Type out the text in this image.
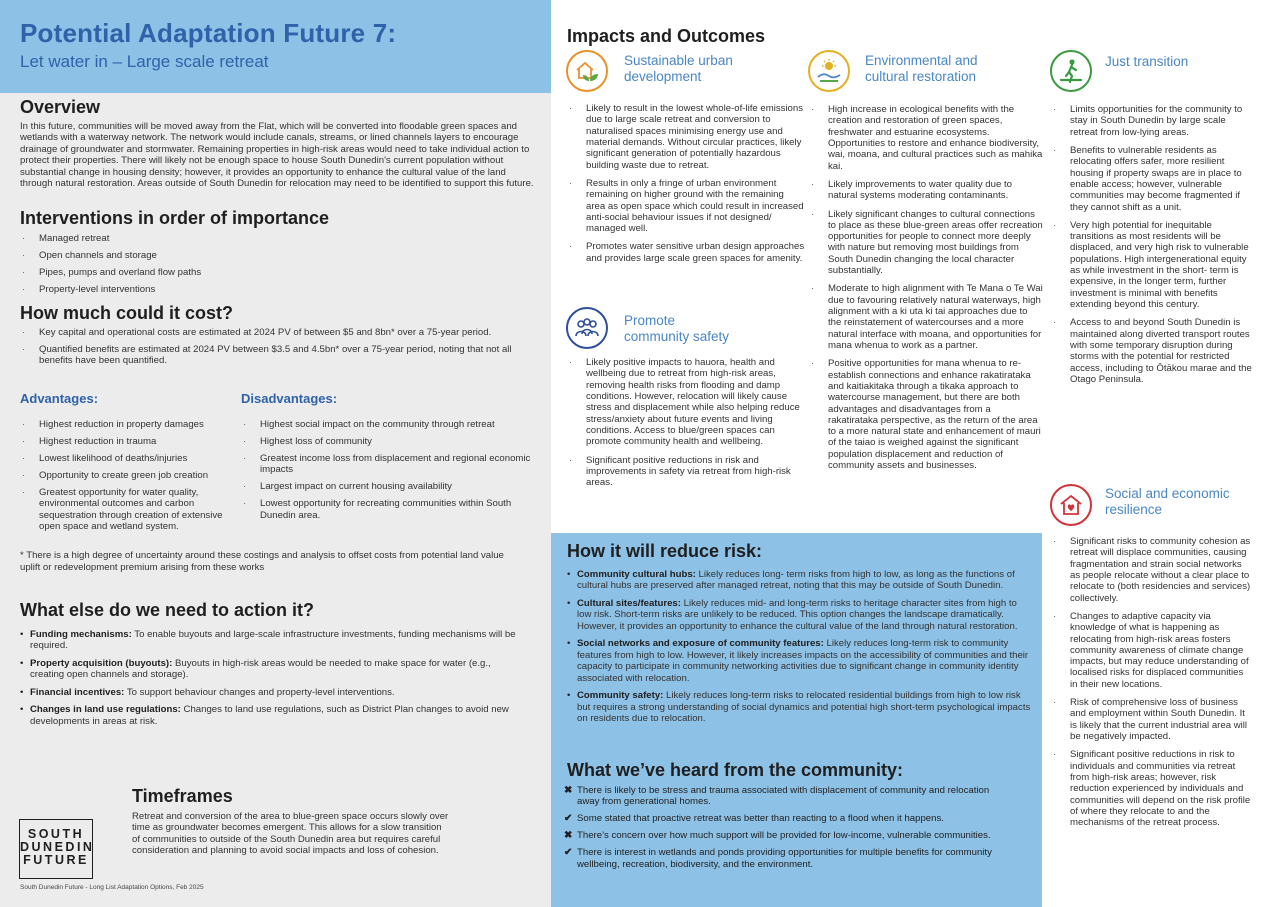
Potential Adaptation Future 7:
Let water in – Large scale retreat
Overview
In this future, communities will be moved away from the Flat, which will be converted into floodable green spaces and wetlands with a waterway network. The network would include canals, streams, or lined channels layers to encourage drainage of groundwater and stormwater. Remaining properties in high-risk areas would need to take individual action to protect their properties. There will likely not be enough space to house South Dunedin's current population without substantial change in housing density; however, it provides an opportunity to enhance the cultural value of the land through natural restoration. Areas outside of South Dunedin for relocation may need to be identified to support this future.
Interventions in order of importance
· Managed retreat
· Open channels and storage
· Pipes, pumps and overland flow paths
· Property-level interventions
How much could it cost?
· Key capital and operational costs are estimated at 2024 PV of between $5 and 8bn* over a 75-year period.
· Quantified benefits are estimated at 2024 PV between $3.5 and 4.5bn* over a 75-year period, noting that not all benefits have been quantified.
Advantages:
· Highest reduction in property damages
· Highest reduction in trauma
· Lowest likelihood of deaths/injuries
· Opportunity to create green job creation
· Greatest opportunity for water quality, environmental outcomes and carbon sequestration through creation of extensive open space and wetland system.
Disadvantages:
· Highest social impact on the community through retreat
· Highest loss of community
· Greatest income loss from displacement and regional economic impacts
· Largest impact on current housing availability
· Lowest opportunity for recreating communities within South Dunedin area.
* There is a high degree of uncertainty around these costings and analysis to offset costs from potential land value uplift or redevelopment premium arising from these works
What else do we need to action it?
• Funding mechanisms: To enable buyouts and large-scale infrastructure investments, funding mechanisms will be required.
• Property acquisition (buyouts): Buyouts in high-risk areas would be needed to make space for water (e.g., creating open channels and storage).
• Financial incentives: To support behaviour changes and property-level interventions.
• Changes in land use regulations: Changes to land use regulations, such as District Plan changes to avoid new developments in areas at risk.
Timeframes
Retreat and conversion of the area to blue-green space occurs slowly over time as groundwater becomes emergent. This allows for a slow transition of communities to outside of the South Dunedin area but requires careful consideration and planning to avoid social impacts and loss of cohesion.
SOUTH
DUNEDIN
FUTURE
South Dunedin Future - Long List Adaptation Options, Feb 2025
Impacts and Outcomes
Sustainable urban
development
· Likely to result in the lowest whole-of-life emissions due to large scale retreat and conversion to naturalised spaces minimising energy use and material demands. Without circular practices, likely significant generation of potentially hazardous building waste due to retreat.
· Results in only a fringe of urban environment remaining on higher ground with the remaining area as open space which could result in increased anti-social behaviour issues if not designed/ managed well.
· Promotes water sensitive urban design approaches and provides large scale green spaces for amenity.
Promote
community safety
· Likely positive impacts to hauora, health and wellbeing due to retreat from high-risk areas, removing health risks from flooding and damp conditions. However, relocation will likely cause stress and displacement while also helping reduce stress/anxiety about future events and living conditions. Access to blue/green spaces can promote community health and wellbeing.
· Significant positive reductions in risk and improvements in safety via retreat from high-risk areas.
Environmental and
cultural restoration
· High increase in ecological benefits with the creation and restoration of green spaces, freshwater and estuarine ecosystems. Opportunities to restore and enhance biodiversity, wai, moana, and cultural practices such as mahika kai.
· Likely improvements to water quality due to natural systems moderating contaminants.
· Likely significant changes to cultural connections to place as these blue-green areas offer recreation opportunities for people to connect more deeply with nature but removing most buildings from South Dunedin changing the local character substantially.
· Moderate to high alignment with Te Mana o Te Wai due to favouring relatively natural waterways, high alignment with a ki uta ki tai approaches due to the reinstatement of watercourses and a more natural interface with moana, and opportunities for mana whenua to work as a partner.
· Positive opportunities for mana whenua to re-establish connections and enhance rakatirataka and kaitiakitaka through a tikaka approach to watercourse management, but there are both advantages and disadvantages from a rakatirataka perspective, as the return of the area to a more natural state and enhancement of mauri of the taiao is weighed against the significant population displacement and reduction of community assets and businesses.
Just transition
· Limits opportunities for the community to stay in South Dunedin by large scale retreat from low-lying areas.
· Benefits to vulnerable residents as relocating offers safer, more resilient housing if property swaps are in place to enable access; however, vulnerable communities may become fragmented if they cannot shift as a unit.
· Very high potential for inequitable transitions as most residents will be displaced, and very high risk to vulnerable populations. High intergenerational equity as while investment in the short- term is expensive, in the longer term, further investment is minimal with benefits extending beyond this century.
· Access to and beyond South Dunedin is maintained along diverted transport routes with some temporary disruption during storms with the potential for restricted access, including to Ōtākou marae and the Otago Peninsula.
Social and economic
resilience
· Significant risks to community cohesion as retreat will displace communities, causing fragmentation and strain social networks as people relocate without a clear place to relocate to (both residencies and services) collectively.
· Changes to adaptive capacity via knowledge of what is happening as relocating from high-risk areas fosters community awareness of climate change impacts, but may reduce understanding of localised risks for displaced communities in their new locations.
· Risk of comprehensive loss of business and employment within South Dunedin. It is likely that the current industrial area will be negatively impacted.
· Significant positive reductions in risk to individuals and communities via retreat from high-risk areas; however, risk reduction experienced by individuals and communities will depend on the risk profile of where they relocate to and the mechanisms of the retreat process.
How it will reduce risk:
• Community cultural hubs: Likely reduces long- term risks from high to low, as long as the functions of cultural hubs are preserved after managed retreat, noting that this may be outside of South Dunedin.
• Cultural sites/features: Likely reduces mid- and long-term risks to heritage character sites from high to low risk. Short-term risks are unlikely to be reduced. This option changes the landscape dramatically. However, it provides an opportunity to enhance the cultural value of the land through natural restoration.
• Social networks and exposure of community features: Likely reduces long-term risk to community features from high to low. However, it likely increases impacts on the accessibility of communities and their capacity to participate in community networking activities due to significant change in community identity associated with relocation.
• Community safety: Likely reduces long-term risks to relocated residential buildings from high to low risk but requires a strong understanding of social dynamics and potential high short-term psychological impacts on residents due to relocation.
What we’ve heard from the community:
✖ There is likely to be stress and trauma associated with displacement of community and relocation away from generational homes.
✔ Some stated that proactive retreat was better than reacting to a flood when it happens.
✖ There’s concern over how much support will be provided for low-income, vulnerable communities.
✔ There is interest in wetlands and ponds providing opportunities for multiple benefits for community wellbeing, recreation, biodiversity, and the environment.
